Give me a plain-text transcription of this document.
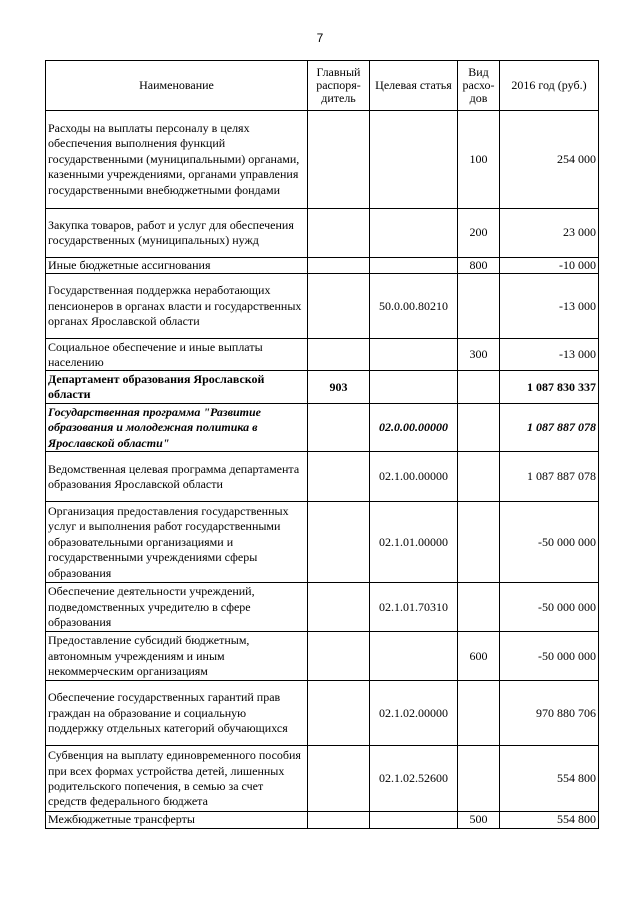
7
Наименование	Главный распоря-дитель	Целевая статья	Вид расхо-дов	2016 год (руб.)
Расходы на выплаты персоналу в целях обеспечения выполнения функций государственными (муниципальными) органами, казенными учреждениями, органами управления государственными внебюджетными фондами			100	254 000
Закупка товаров, работ и услуг для обеспечения государственных (муниципальных) нужд			200	23 000
Иные бюджетные ассигнования			800	-10 000
Государственная поддержка неработающих пенсионеров в органах власти и государственных органах Ярославской области		50.0.00.80210		-13 000
Социальное обеспечение и иные выплаты населению			300	-13 000
Департамент образования Ярославской области	903			1 087 830 337
Государственная программа "Развитие образования и молодежная политика в Ярославской области"		02.0.00.00000		1 087 887 078
Ведомственная целевая программа департамента образования Ярославской области		02.1.00.00000		1 087 887 078
Организация предоставления государственных услуг и выполнения работ государственными образовательными организациями и государственными учреждениями сферы образования		02.1.01.00000		-50 000 000
Обеспечение деятельности учреждений, подведомственных учредителю в сфере образования		02.1.01.70310		-50 000 000
Предоставление субсидий бюджетным, автономным учреждениям и иным некоммерческим организациям			600	-50 000 000
Обеспечение государственных гарантий прав граждан на образование и социальную поддержку отдельных категорий обучающихся		02.1.02.00000		970 880 706
Субвенция на выплату единовременного пособия при всех формах устройства детей, лишенных родительского попечения, в семью за счет средств федерального бюджета		02.1.02.52600		554 800
Межбюджетные трансферты			500	554 800
